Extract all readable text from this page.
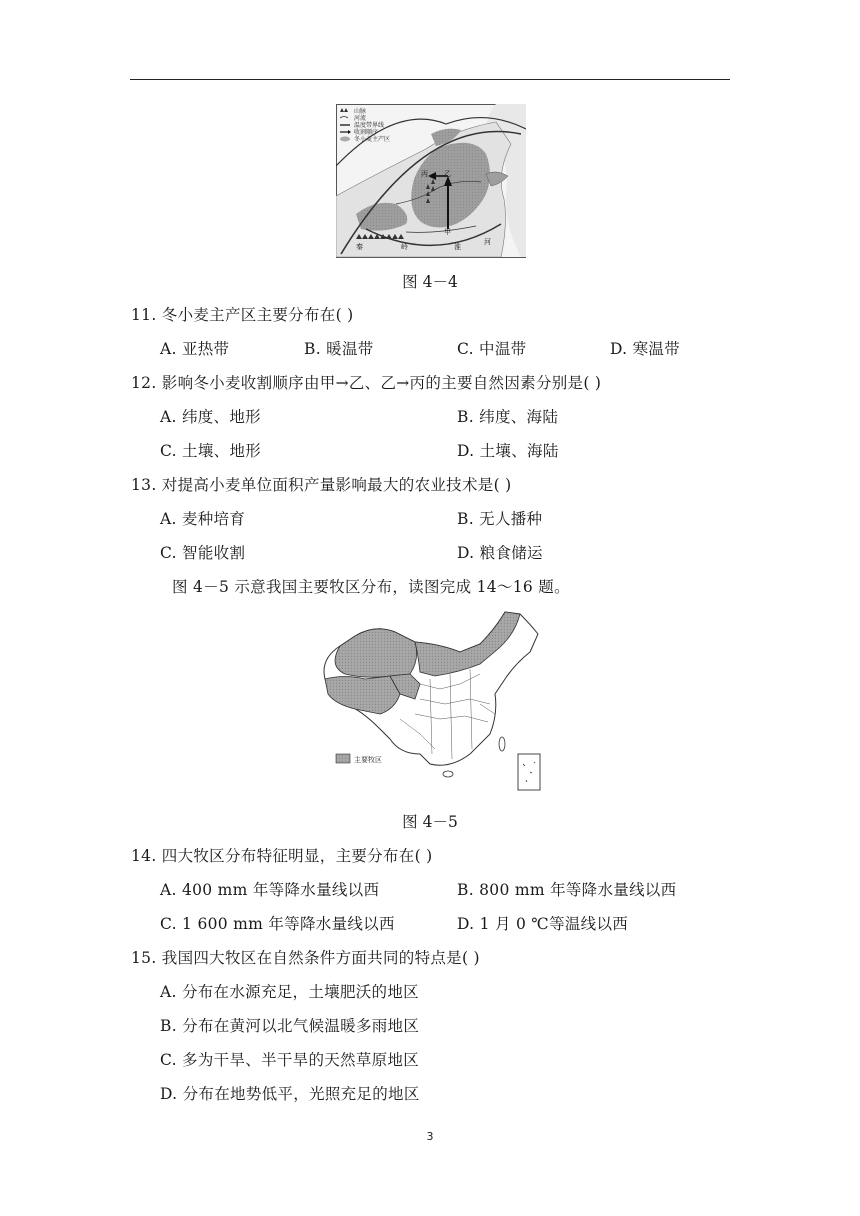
山脉
河流
温度带界线
收割顺序
冬小麦主产区
甲
乙
丙
秦	岭	淮
河
图 4－4
11. 冬小麦主产区主要分布在( )
A. 亚热带	B. 暖温带	C. 中温带	D. 寒温带
12. 影响冬小麦收割顺序由甲→乙、乙→丙的主要自然因素分别是( )
A. 纬度、地形	B. 纬度、海陆
C. 土壤、地形	D. 土壤、海陆
13. 对提高小麦单位面积产量影响最大的农业技术是( )
A. 麦种培育	B. 无人播种
C. 智能收割	D. 粮食储运
图 4－5 示意我国主要牧区分布，读图完成 14～16 题。
主要牧区
图 4－5
14. 四大牧区分布特征明显，主要分布在( )
A. 400 mm 年等降水量线以西	B. 800 mm 年等降水量线以西
C. 1 600 mm 年等降水量线以西	D. 1 月 0 ℃等温线以西
15. 我国四大牧区在自然条件方面共同的特点是( )
A. 分布在水源充足，土壤肥沃的地区
B. 分布在黄河以北气候温暖多雨地区
C. 多为干旱、半干旱的天然草原地区
D. 分布在地势低平，光照充足的地区
3
